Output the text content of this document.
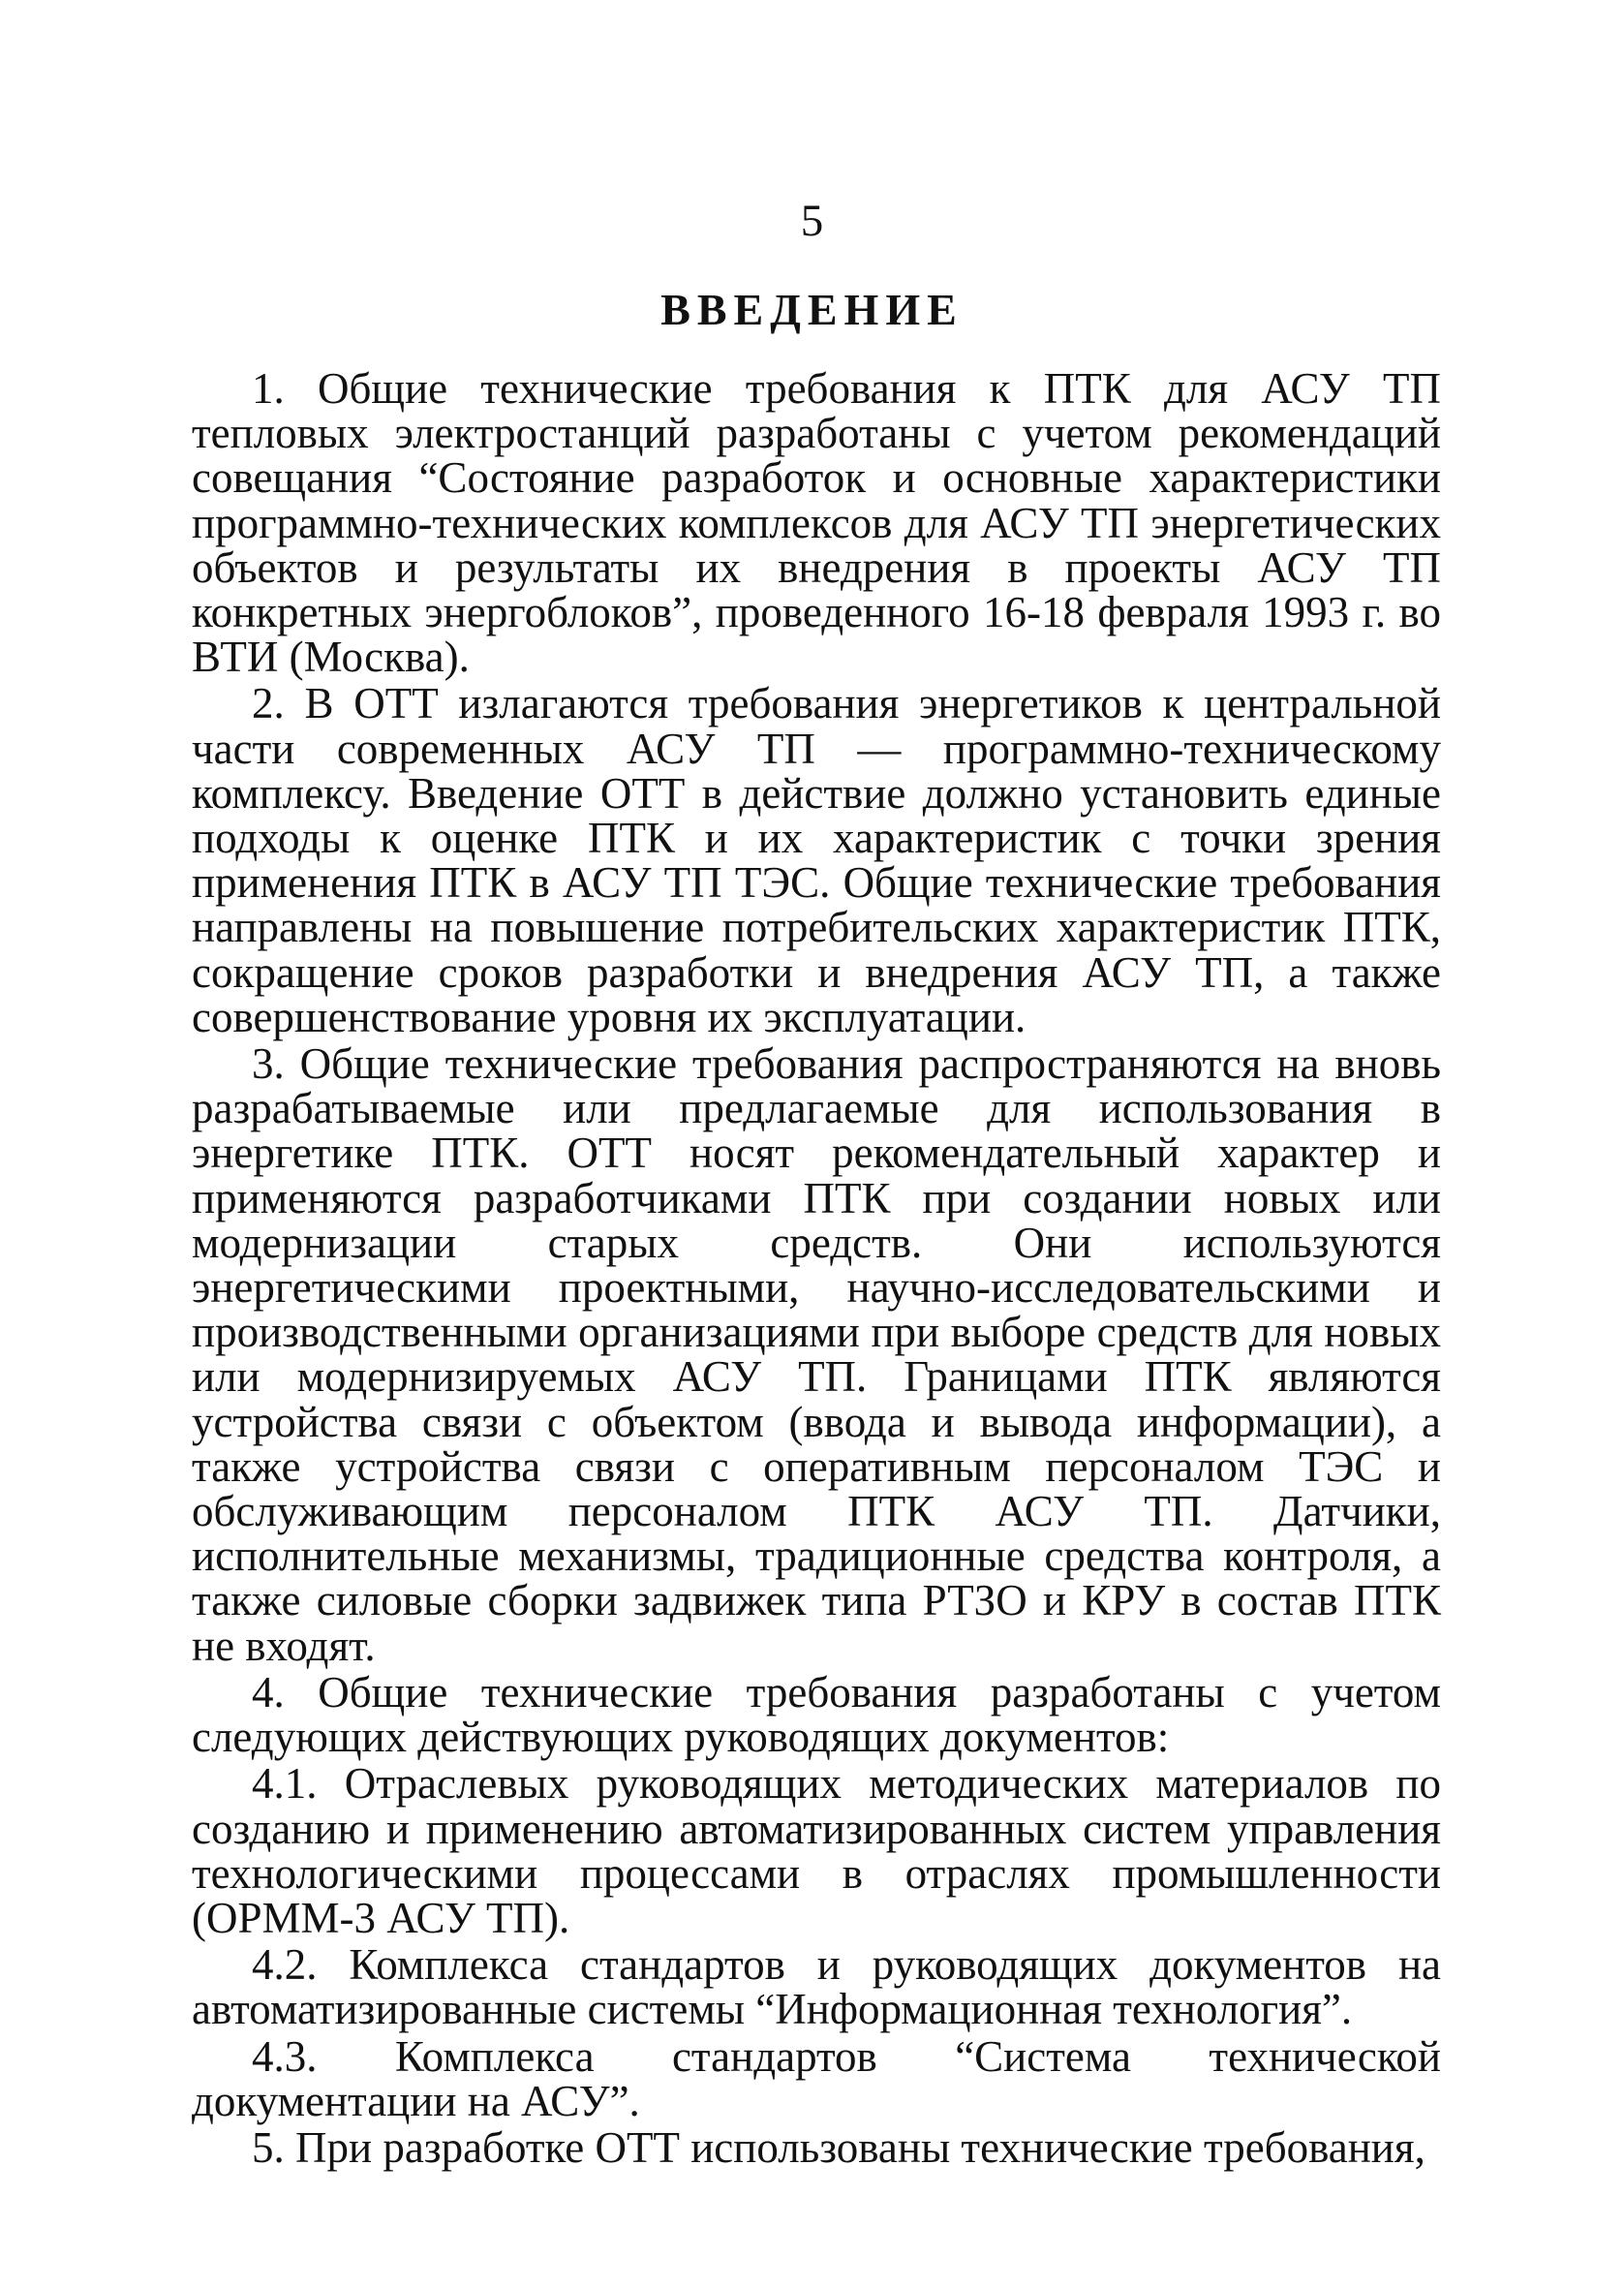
5
ВВЕДЕНИЕ

1. Общие технические требования к ПТК для АСУ ТП тепловых электростанций разработаны с учетом рекомендаций совещания “Состояние разработок и основные характеристики программно-технических комплексов для АСУ ТП энергетических объектов и результаты их внедрения в проекты АСУ ТП конкретных энергоблоков”, проведенного 16-18 февраля 1993 г. во ВТИ (Москва).

2. В ОТТ излагаются требования энергетиков к центральной части современных АСУ ТП — программно-техническому комплексу. Введение ОТТ в действие должно установить единые подходы к оценке ПТК и их характеристик с точки зрения применения ПТК в АСУ ТП ТЭС. Общие технические требования направлены на повышение потребительских характеристик ПТК, сокращение сроков разработки и внедрения АСУ ТП, а также совершенствование уровня их эксплуатации.

3. Общие технические требования распространяются на вновь разрабатываемые или предлагаемые для использования в энергетике ПТК. ОТТ носят рекомендательный характер и применяются разработчиками ПТК при создании новых или модернизации старых средств. Они используются энергетическими проектными, научно-исследовательскими и производственными организациями при выборе средств для новых или модернизируемых АСУ ТП. Границами ПТК являются устройства связи с объектом (ввода и вывода информации), а также устройства связи с оперативным персоналом ТЭС и обслуживающим персоналом ПТК АСУ ТП. Датчики, исполнительные механизмы, традиционные средства контроля, а также силовые сборки задвижек типа РТЗО и КРУ в состав ПТК не входят.

4. Общие технические требования разработаны с учетом следующих действующих руководящих документов:

4.1. Отраслевых руководящих методических материалов по созданию и применению автоматизированных систем управления технологическими процессами в отраслях промышленности (ОРММ-3 АСУ ТП).

4.2. Комплекса стандартов и руководящих документов на автоматизированные системы “Информационная технология”.

4.3. Комплекса стандартов “Система технической документации на АСУ”.

5. При разработке ОТТ использованы технические требования,
